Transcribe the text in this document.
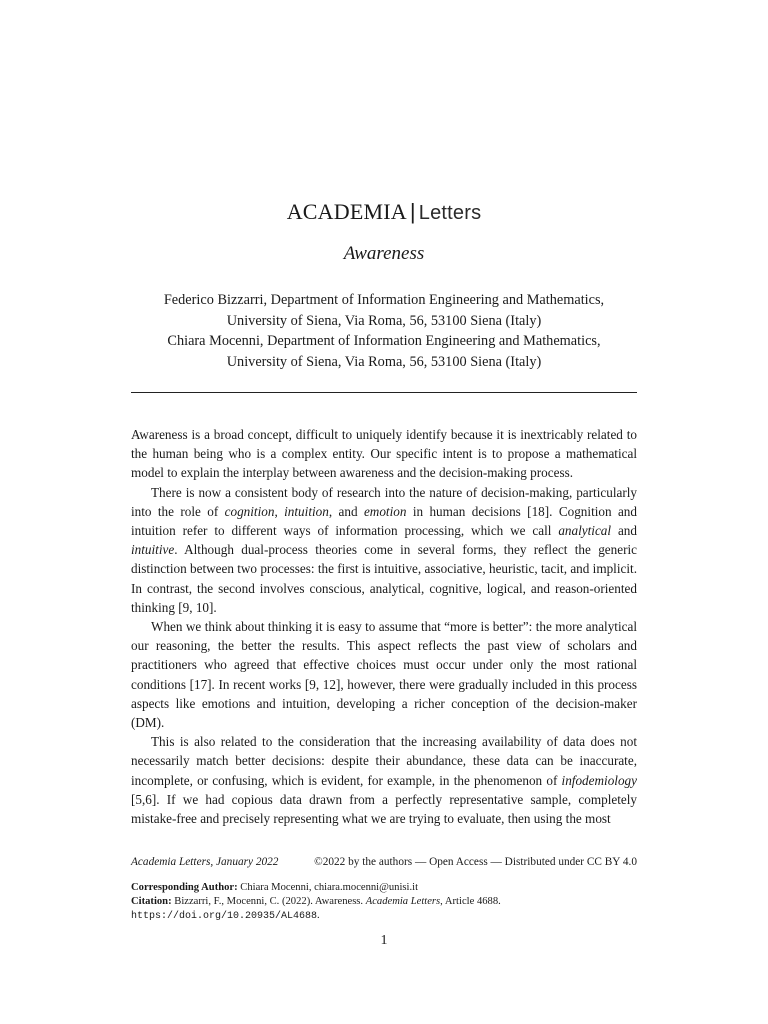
ACADEMIA | Letters
Awareness
Federico Bizzarri, Department of Information Engineering and Mathematics,
University of Siena, Via Roma, 56, 53100 Siena (Italy)
Chiara Mocenni, Department of Information Engineering and Mathematics,
University of Siena, Via Roma, 56, 53100 Siena (Italy)

Awareness is a broad concept, difficult to uniquely identify because it is inextricably related to the human being who is a complex entity. Our specific intent is to propose a mathematical model to explain the interplay between awareness and the decision-making process.

There is now a consistent body of research into the nature of decision-making, particularly into the role of cognition, intuition, and emotion in human decisions [18]. Cognition and intuition refer to different ways of information processing, which we call analytical and intuitive. Although dual-process theories come in several forms, they reflect the generic distinction between two processes: the first is intuitive, associative, heuristic, tacit, and implicit. In contrast, the second involves conscious, analytical, cognitive, logical, and reason-oriented thinking [9, 10].

When we think about thinking it is easy to assume that “more is better”: the more analytical our reasoning, the better the results. This aspect reflects the past view of scholars and practitioners who agreed that effective choices must occur under only the most rational conditions [17]. In recent works [9, 12], however, there were gradually included in this process aspects like emotions and intuition, developing a richer conception of the decision-maker (DM).

This is also related to the consideration that the increasing availability of data does not necessarily match better decisions: despite their abundance, these data can be inaccurate, incomplete, or confusing, which is evident, for example, in the phenomenon of infodemiology [5,6]. If we had copious data drawn from a perfectly representative sample, completely mistake-free and precisely representing what we are trying to evaluate, then using the most

Academia Letters, January 2022	©2022 by the authors — Open Access — Distributed under CC BY 4.0
Corresponding Author: Chiara Mocenni, chiara.mocenni@unisi.it
Citation: Bizzarri, F., Mocenni, C. (2022). Awareness. Academia Letters, Article 4688.
https://doi.org/10.20935/AL4688.
1
